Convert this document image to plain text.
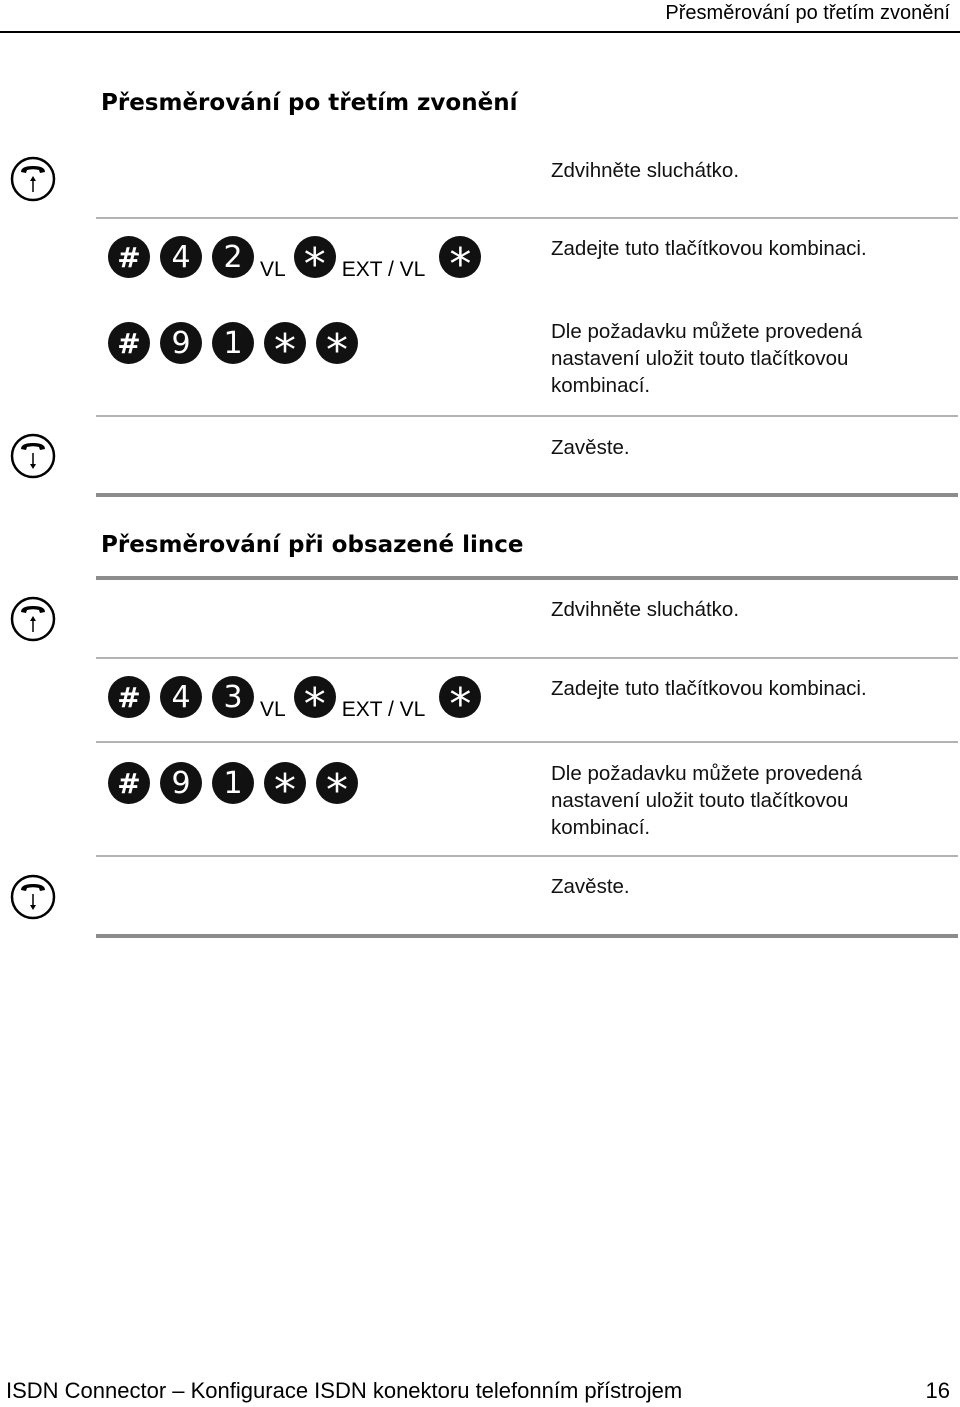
Přesměrování po třetím zvonění
Přesměrování po třetím zvonění
Zdvihněte sluchátko.
#	4	2 VL * EXT / VL *	Zadejte tuto tlačítkovou kombinaci.
#	9	1 * *	Dle požadavku můžete provedená
nastavení uložit touto tlačítkovou
kombinací.
Zavěste.
Přesměrování při obsazené lince
Zdvihněte sluchátko.
#	4	3 VL * EXT / VL *	Zadejte tuto tlačítkovou kombinaci.
#	9	1 * *	Dle požadavku můžete provedená
nastavení uložit touto tlačítkovou
kombinací.
Zavěste.
ISDN Connector – Konfigurace ISDN konektoru telefonním přístrojem	16
